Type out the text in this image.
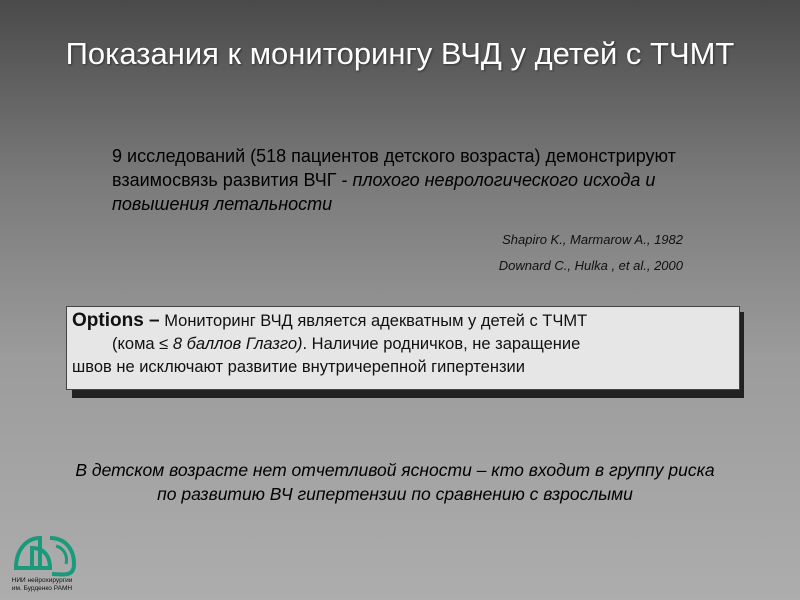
Показания к мониторингу ВЧД у детей с ТЧМТ
9 исследований (518 пациентов детского возраста) демонстрируют взаимосвязь развития ВЧГ - плохого неврологического исхода и повышения летальности
Shapiro K., Marmarow A., 1982
Downard C., Hulka , et al., 2000
Options – Мониторинг ВЧД является адекватным у детей с ТЧМТ
(кома ≤ 8 баллов Глазго). Наличие родничков, не заращение
швов не исключают развитие внутричерепной гипертензии
В детском возрасте нет отчетливой ясности – кто входит в группу риска по развитию ВЧ гипертензии по сравнению с взрослыми
НИИ нейрохирургии
им. Бурденко РАМН
